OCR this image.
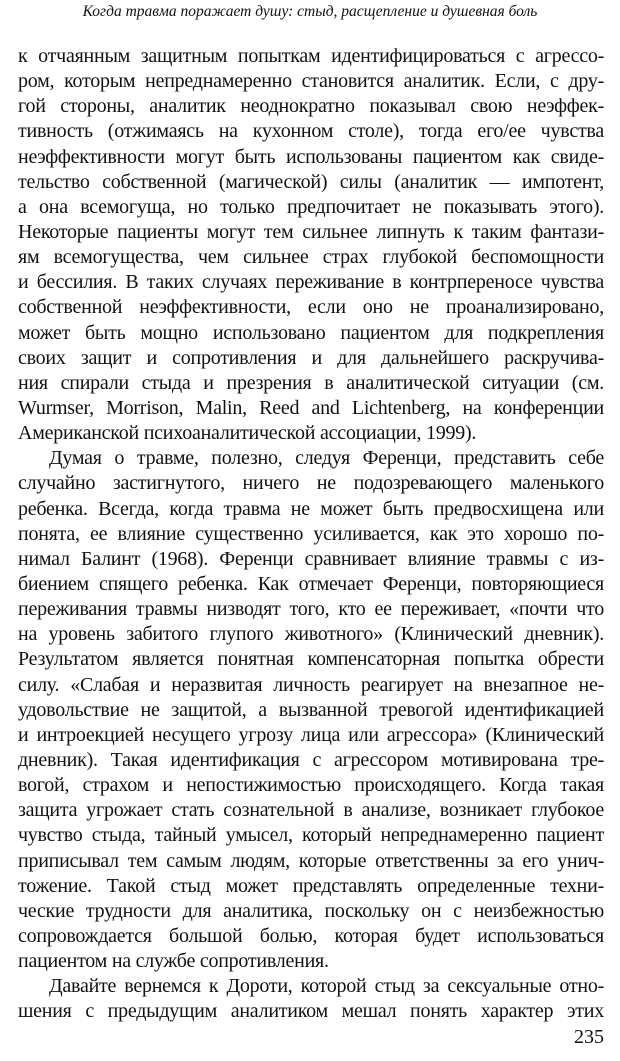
Когда травма поражает душу: стыд, расщепление и душевная боль
к отчаянным защитным попыткам идентифицироваться с агрессо-
ром, которым непреднамеренно становится аналитик. Если, с дру-
гой стороны, аналитик неоднократно показывал свою неэффек-
тивность (отжимаясь на кухонном столе), тогда его/ее чувства
неэффективности могут быть использованы пациентом как свиде-
тельство собственной (магической) силы (аналитик — импотент,
а она всемогуща, но только предпочитает не показывать этого).
Некоторые пациенты могут тем сильнее липнуть к таким фантази-
ям всемогущества, чем сильнее страх глубокой беспомощности
и бессилия. В таких случаях переживание в контрпереносе чувства
собственной неэффективности, если оно не проанализировано,
может быть мощно использовано пациентом для подкрепления
своих защит и сопротивления и для дальнейшего раскручива-
ния спирали стыда и презрения в аналитической ситуации (см.
Wurmser, Morrison, Malin, Reed and Lichtenberg, на конференции
Американской психоаналитической ассоциации, 1999).
Думая о травме, полезно, следуя Ференци, представить себе
случайно застигнутого, ничего не подозревающего маленького
ребенка. Всегда, когда травма не может быть предвосхищена или
понята, ее влияние существенно усиливается, как это хорошо по-
нимал Балинт (1968). Ференци сравнивает влияние травмы с из-
биением спящего ребенка. Как отмечает Ференци, повторяющиеся
переживания травмы низводят того, кто ее переживает, «почти что
на уровень забитого глупого животного» (Клинический дневник).
Результатом является понятная компенсаторная попытка обрести
силу. «Слабая и неразвитая личность реагирует на внезапное не-
удовольствие не защитой, а вызванной тревогой идентификацией
и интроекцией несущего угрозу лица или агрессора» (Клинический
дневник). Такая идентификация с агрессором мотивирована тре-
вогой, страхом и непостижимостью происходящего. Когда такая
защита угрожает стать сознательной в анализе, возникает глубокое
чувство стыда, тайный умысел, который непреднамеренно пациент
приписывал тем самым людям, которые ответственны за его унич-
тожение. Такой стыд может представлять определенные техни-
ческие трудности для аналитика, поскольку он с неизбежностью
сопровождается большой болью, которая будет использоваться
пациентом на службе сопротивления.
Давайте вернемся к Дороти, которой стыд за сексуальные отно-
шения с предыдущим аналитиком мешал понять характер этих
235
